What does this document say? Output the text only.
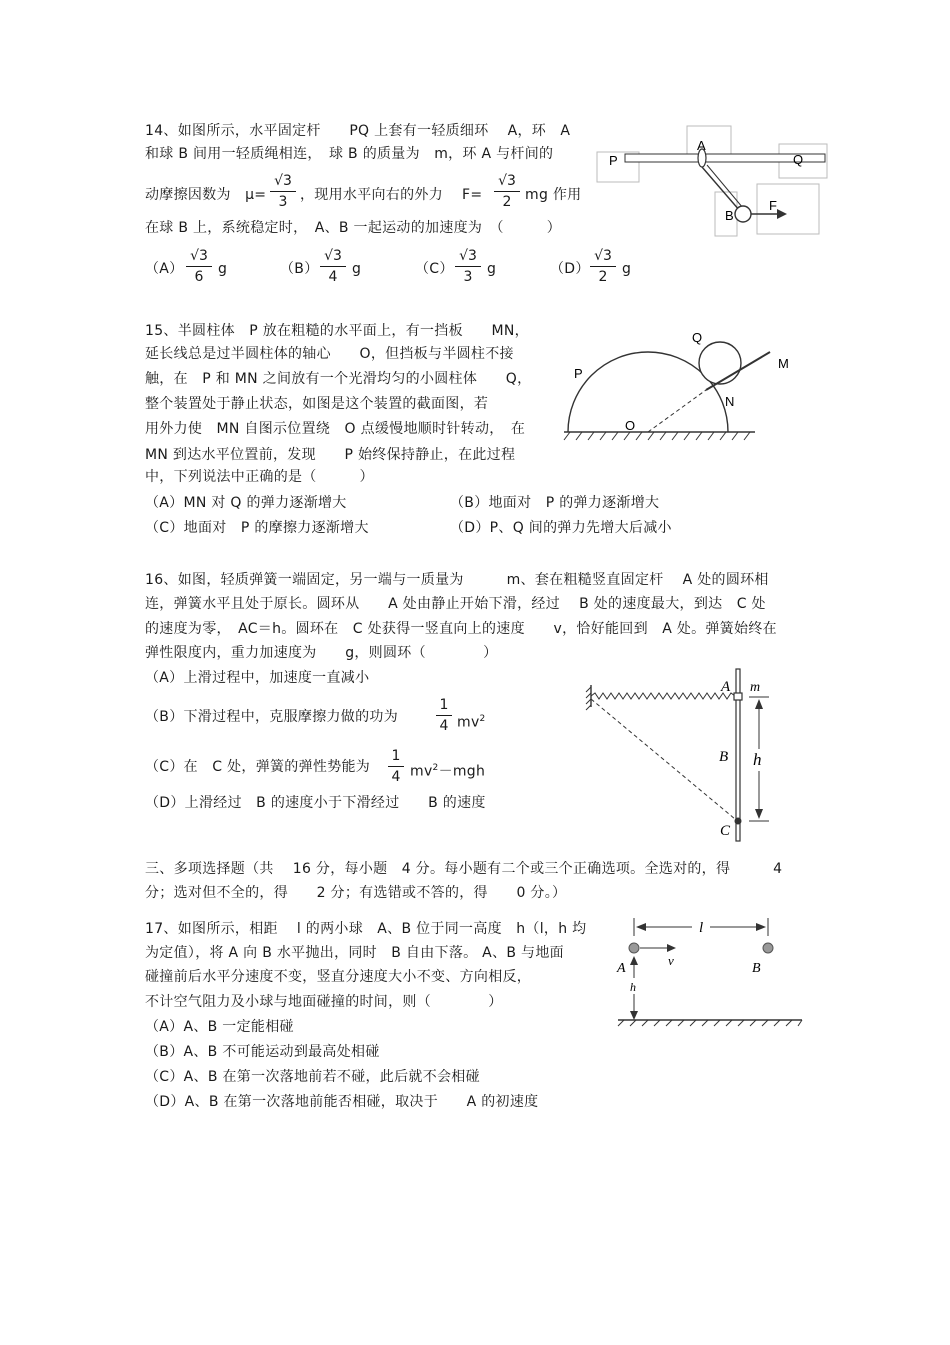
14、如图所示，水平固定杆　　PQ 上套有一轻质细环　 A，环　A
和球 B 间用一轻质绳相连，　球 B 的质量为　m，环 A 与杆间的
动摩擦因数为　μ=
√3
3 ，现用水平向右的外力　 F=
√3
2 mg 作用
在球 B 上，系统稳定时，　A、B 一起运动的加速度为　（　　　）
（A）
√3
6	g	（B）
√3
4	g	（C）
√3
3	g	（D）
√3
2	g
P	Q
A
B
F
15、半圆柱体　P 放在粗糙的水平面上，有一挡板　　MN，
延长线总是过半圆柱体的轴心　　O，但挡板与半圆柱不接
触，在　P 和 MN 之间放有一个光滑均匀的小圆柱体　　Q，
整个装置处于静止状态，如图是这个装置的截面图，若
用外力使　MN 自图示位置绕　O 点缓慢地顺时针转动，　在
MN 到达水平位置前，发现　　P 始终保持静止，在此过程
中，下列说法中正确的是（　　　）
（A）MN 对 Q 的弹力逐渐增大	（B）地面对　P 的弹力逐渐增大
（C）地面对　P 的摩擦力逐渐增大	（D）P、Q 间的弹力先增大后减小
Q
M
P
N
O
16、如图，轻质弹簧一端固定，另一端与一质量为　　　m、套在粗糙竖直固定杆　 A 处的圆环相
连，弹簧水平且处于原长。圆环从　　A 处由静止开始下滑，经过　 B 处的速度最大，到达　C 处
的速度为零，　AC＝h。圆环在　C 处获得一竖直向上的速度　　v，恰好能回到　A 处。弹簧始终在
弹性限度内，重力加速度为　　g，则圆环（　　　　）
（A）上滑过程中，加速度一直减小
（B）下滑过程中，克服摩擦力做的功为
1
4 $mv^2$
（C）在　C 处，弹簧的弹性势能为
1
4 $mv^2-mgh$
（D）上滑经过　B 的速度小于下滑经过　　B 的速度
A m
B h
C
三、多项选择题（共　 16 分，每小题　4 分。每小题有二个或三个正确选项。全选对的，得　　　4
分；选对但不全的，得　　2 分；有选错或不答的，得　　0 分。）
17、如图所示，相距　 l 的两小球　A、B 位于同一高度　h（l，h 均
为定值），将 A 向 B 水平抛出，同时　B 自由下落。 A、B 与地面
碰撞前后水平分速度不变，竖直分速度大小不变、方向相反，
不计空气阻力及小球与地面碰撞的时间，则（　　　　）
（A）A、B 一定能相碰
（B）A、B 不可能运动到最高处相碰
（C）A、B 在第一次落地前若不碰，此后就不会相碰
（D）A、B 在第一次落地前能否相碰，取决于　　A 的初速度
l
v
A	B
h
